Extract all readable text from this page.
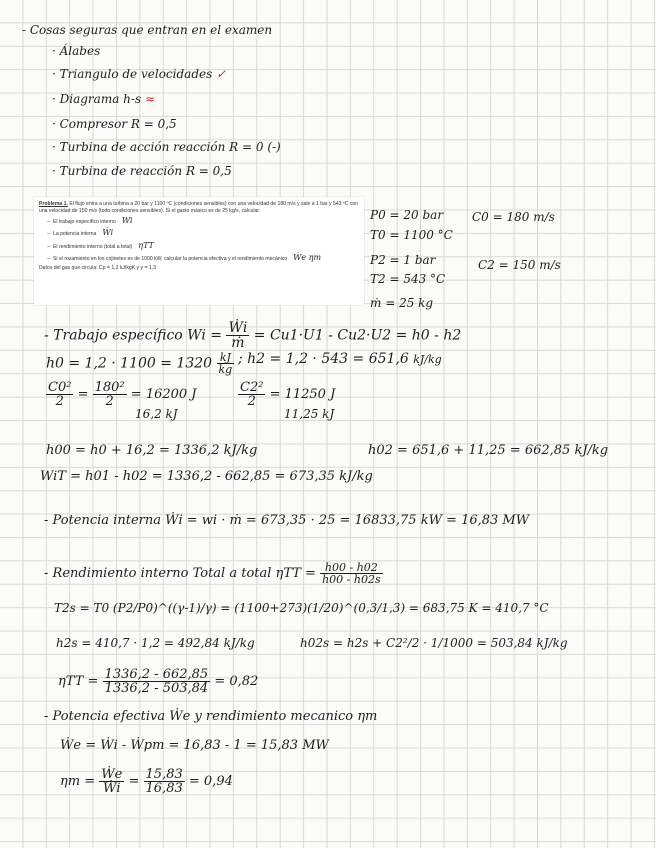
- Cosas seguras que entran en el examen
· Álabes
· Triangulo de velocidades ✓
· Diagrama h-s ≈
· Compresor R = 0,5
· Turbina de acción reacción R = 0 (-)
· Turbina de reacción R = 0,5
Problema 1. El flujo entra a una turbina a 20 bar y 1100 ºC (condiciones sensibles) con una velocidad de 180 m/s y sale a 1 bar y 543 ºC con una velocidad de 150 m/s (todo condiciones sensibles). Si el gasto másico es de 25 kg/s, calcular:
– El trabajo específico interno Wi
– La potencia interna Ẇi
– El rendimiento interno (total a total) ηTT
– Si el rozamiento en los cojinetes es de 1000 kW, calcular la potencia efectiva y el rendimiento mecánico Ẇe ηm
Datos del gas que circula: Cp = 1,2 kJ/kgK y γ = 1,3
P0 = 20 bar
T0 = 1100 °C
C0 = 180 m/s
P2 = 1 bar
T2 = 543 °C
C2 = 150 m/s
ṁ = 25 kg
- Trabajo específico $Wi = \frac{\text{Ẇi}}{\text{ṁ}} = Cu1\cdot U1 - Cu2\cdot U2 = h0 - h2$
$h0 = 1,2 \cdot 1100 = 1320 \frac{kJ}{kg}$ ; h2 = 1,2 · 543 = 651,6 kJ/kg
$\frac{\text{C0²}}{2} = \frac{\text{180²}}{2} = 16200$ J
16,2 kJ
$\frac{\text{C2²}}{2} = 11250$ J
11,25 kJ
h00 = h0 + 16,2 = 1336,2 kJ/kg	h02 = 651,6 + 11,25 = 662,85 kJ/kg
WiT = h01 - h02 = 1336,2 - 662,85 = 673,35 kJ/kg
- Potencia interna Ẇi = wi · ṁ = 673,35 · 25 = 16833,75 kW = 16,83 MW
- Rendimiento interno Total a total $\eta TT = \frac{h00 - h02}{h00 - h02s}$
T2s = T0 (P2/P0)^((γ-1)/γ) = (1100+273)(1/20)^(0,3/1,3) = 683,75 K = 410,7 °C
h2s = 410,7 · 1,2 = 492,84 kJ/kg	h02s = h2s + C2²/2 · 1/1000 = 503,84 kJ/kg
$\eta TT = \frac{1336,2 - 662,85}{1336,2 - 503,84} = 0,82$
- Potencia efectiva Ẇe y rendimiento mecanico ηm
Ẇe = Ẇi - Ẇpm = 16,83 - 1 = 15,83 MW
$\eta m = \frac{\text{Ẇe}}{\text{Ẇi}} = \frac{15,83}{16,83} = 0,94$
